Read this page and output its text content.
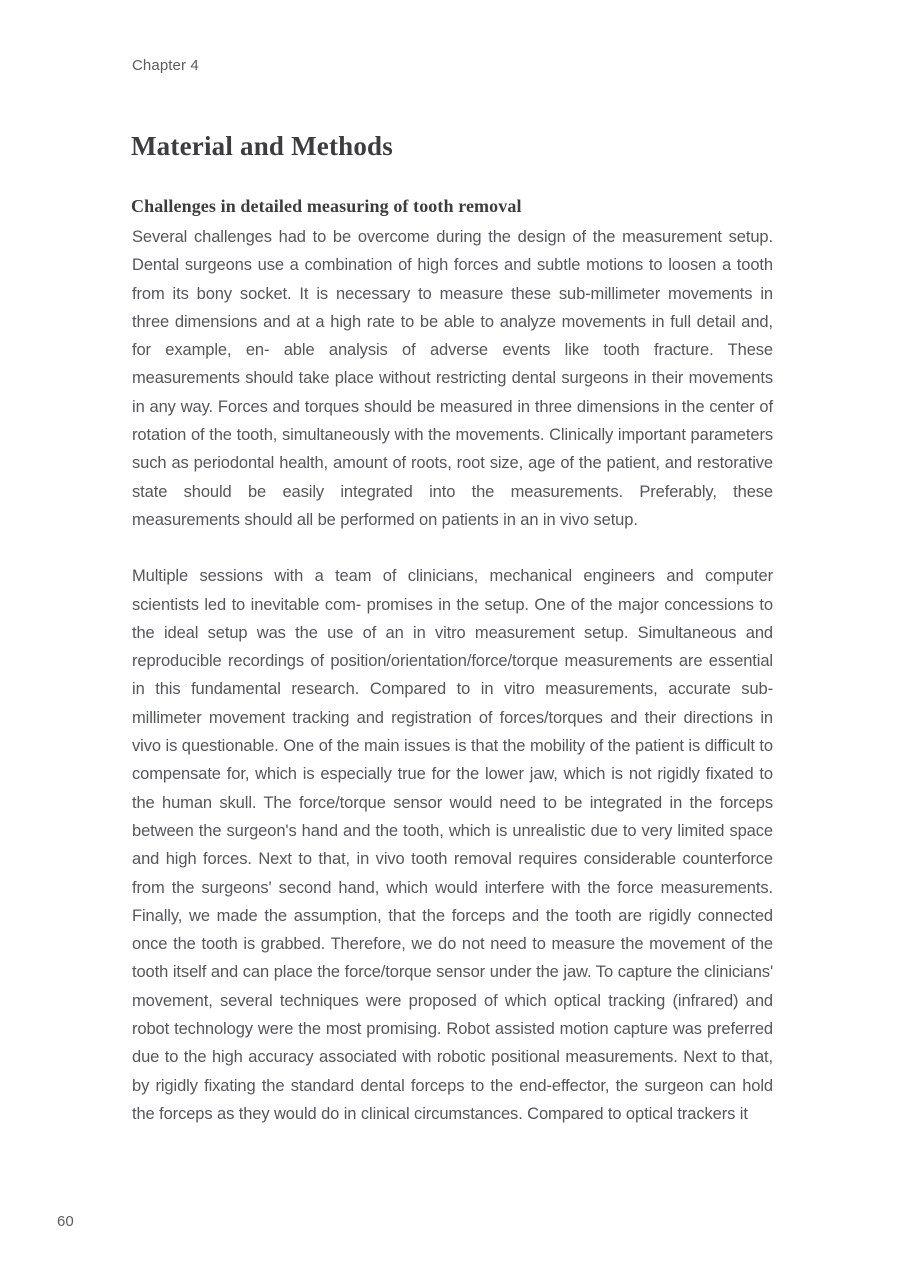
Chapter 4
Material and Methods
Challenges in detailed measuring of tooth removal

Several challenges had to be overcome during the design of the measurement setup. Dental surgeons use a combination of high forces and subtle motions to loosen a tooth from its bony socket. It is necessary to measure these sub-millimeter movements in three dimensions and at a high rate to be able to analyze movements in full detail and, for example, en- able analysis of adverse events like tooth fracture. These measurements should take place without restricting dental surgeons in their movements in any way. Forces and torques should be measured in three dimensions in the center of rotation of the tooth, simultaneously with the movements. Clinically important parameters such as periodontal health, amount of roots, root size, age of the patient, and restorative state should be easily integrated into the measurements. Preferably, these measurements should all be performed on patients in an in vivo setup.

Multiple sessions with a team of clinicians, mechanical engineers and computer scientists led to inevitable com- promises in the setup. One of the major concessions to the ideal setup was the use of an in vitro measurement setup. Simultaneous and reproducible recordings of position/orientation/force/torque measurements are essential in this fundamental research. Compared to in vitro measurements, accurate sub-millimeter movement tracking and registration of forces/torques and their directions in vivo is questionable. One of the main issues is that the mobility of the patient is difficult to compensate for, which is especially true for the lower jaw, which is not rigidly fixated to the human skull. The force/torque sensor would need to be integrated in the forceps between the surgeon's hand and the tooth, which is unrealistic due to very limited space and high forces. Next to that, in vivo tooth removal requires considerable counterforce from the surgeons' second hand, which would interfere with the force measurements. Finally, we made the assumption, that the forceps and the tooth are rigidly connected once the tooth is grabbed. Therefore, we do not need to measure the movement of the tooth itself and can place the force/torque sensor under the jaw. To capture the clinicians' movement, several techniques were proposed of which optical tracking (infrared) and robot technology were the most promising. Robot assisted motion capture was preferred due to the high accuracy associated with robotic positional measurements. Next to that, by rigidly fixating the standard dental forceps to the end-effector, the surgeon can hold the forceps as they would do in clinical circumstances. Compared to optical trackers it

60
